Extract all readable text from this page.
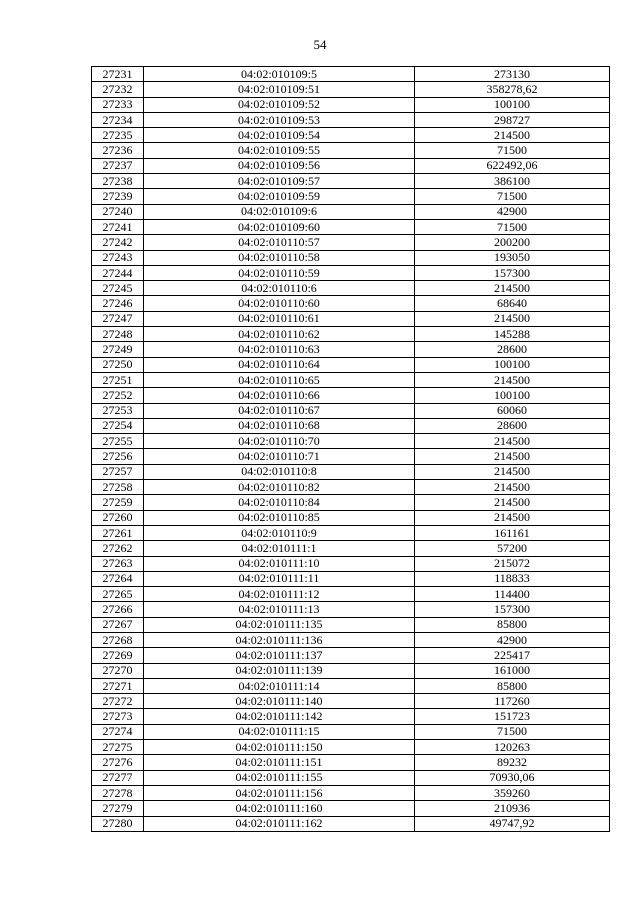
54
27231	04:02:010109:5	273130
27232	04:02:010109:51	358278,62
27233	04:02:010109:52	100100
27234	04:02:010109:53	298727
27235	04:02:010109:54	214500
27236	04:02:010109:55	71500
27237	04:02:010109:56	622492,06
27238	04:02:010109:57	386100
27239	04:02:010109:59	71500
27240	04:02:010109:6	42900
27241	04:02:010109:60	71500
27242	04:02:010110:57	200200
27243	04:02:010110:58	193050
27244	04:02:010110:59	157300
27245	04:02:010110:6	214500
27246	04:02:010110:60	68640
27247	04:02:010110:61	214500
27248	04:02:010110:62	145288
27249	04:02:010110:63	28600
27250	04:02:010110:64	100100
27251	04:02:010110:65	214500
27252	04:02:010110:66	100100
27253	04:02:010110:67	60060
27254	04:02:010110:68	28600
27255	04:02:010110:70	214500
27256	04:02:010110:71	214500
27257	04:02:010110:8	214500
27258	04:02:010110:82	214500
27259	04:02:010110:84	214500
27260	04:02:010110:85	214500
27261	04:02:010110:9	161161
27262	04:02:010111:1	57200
27263	04:02:010111:10	215072
27264	04:02:010111:11	118833
27265	04:02:010111:12	114400
27266	04:02:010111:13	157300
27267	04:02:010111:135	85800
27268	04:02:010111:136	42900
27269	04:02:010111:137	225417
27270	04:02:010111:139	161000
27271	04:02:010111:14	85800
27272	04:02:010111:140	117260
27273	04:02:010111:142	151723
27274	04:02:010111:15	71500
27275	04:02:010111:150	120263
27276	04:02:010111:151	89232
27277	04:02:010111:155	70930,06
27278	04:02:010111:156	359260
27279	04:02:010111:160	210936
27280	04:02:010111:162	49747,92
